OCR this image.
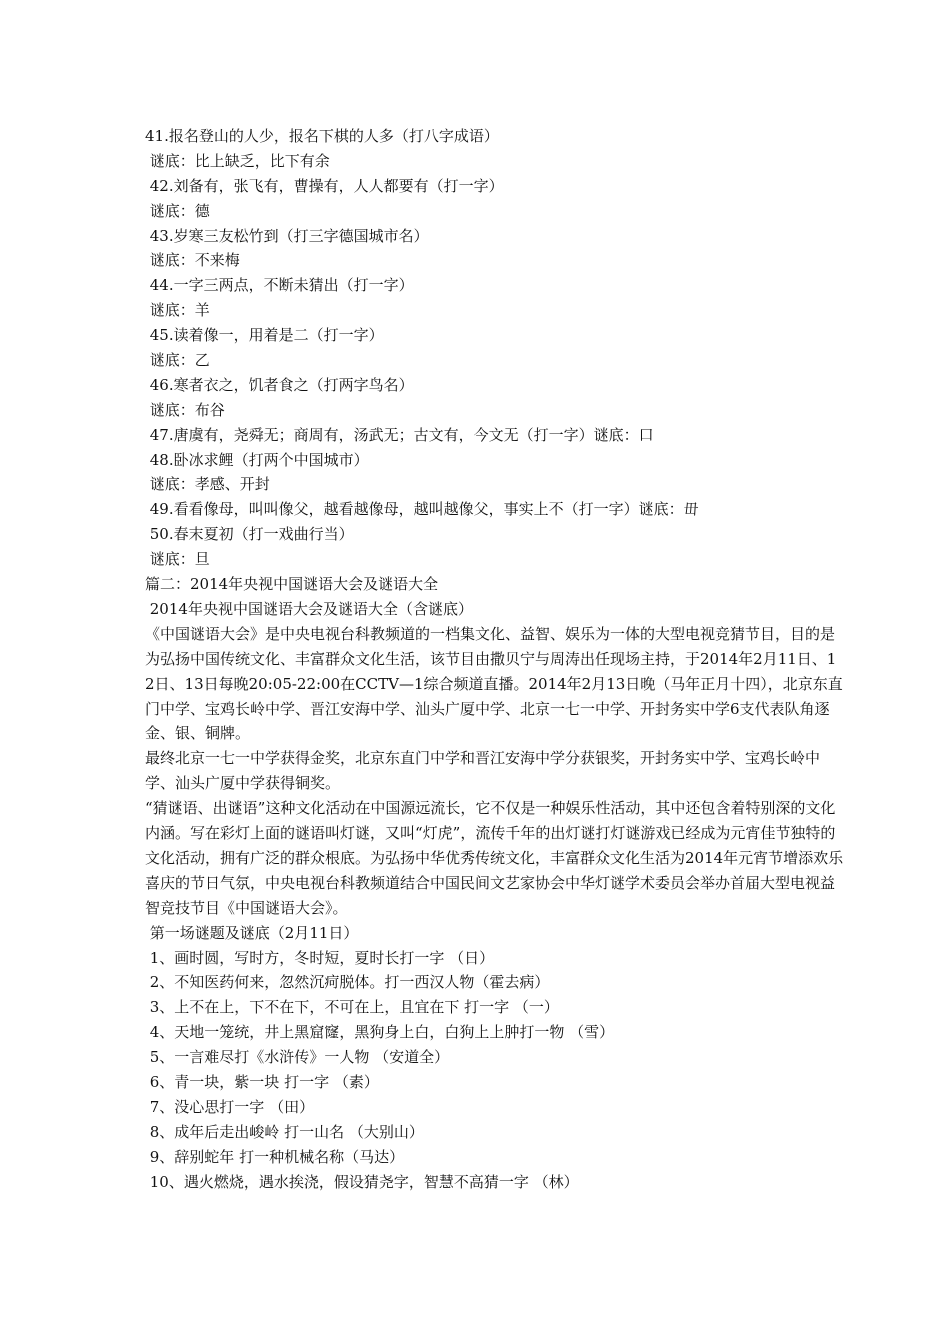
41.报名登山的人少，报名下棋的人多（打八字成语）

谜底：比上缺乏，比下有余

42.刘备有，张飞有，曹操有，人人都要有（打一字）

谜底：德

43.岁寒三友松竹到（打三字德国城市名）

谜底：不来梅

44.一字三两点，不断未猜出（打一字）

谜底：羊

45.读着像一，用着是二（打一字）

谜底：乙

46.寒者衣之，饥者食之（打两字鸟名）

谜底：布谷

47.唐虞有，尧舜无；商周有，汤武无；古文有，今文无（打一字）谜底：口

48.卧冰求鲤（打两个中国城市）

谜底：孝感、开封

49.看看像母，叫叫像父，越看越像母，越叫越像父，事实上不（打一字）谜底：毌

50.春末夏初（打一戏曲行当）

谜底：旦

篇二：2014年央视中国谜语大会及谜语大全

2014年央视中国谜语大会及谜语大全（含谜底）

《中国谜语大会》是中央电视台科教频道的一档集文化、益智、娱乐为一体的大型电视竞猜节目，目的是为弘扬中国传统文化、丰富群众文化生活，该节目由撒贝宁与周涛出任现场主持，于2014年2月11日、12日、13日每晚20:05-22:00在CCTV—1综合频道直播。2014年2月13日晚（马年正月十四），北京东直门中学、宝鸡长岭中学、晋江安海中学、汕头广厦中学、北京一七一中学、开封务实中学6支代表队角逐金、银、铜牌。

最终北京一七一中学获得金奖，北京东直门中学和晋江安海中学分获银奖，开封务实中学、宝鸡长岭中学、汕头广厦中学获得铜奖。

“猜谜语、出谜语”这种文化活动在中国源远流长，它不仅是一种娱乐性活动，其中还包含着特别深的文化内涵。写在彩灯上面的谜语叫灯谜，又叫“灯虎”，流传千年的出灯谜打灯谜游戏已经成为元宵佳节独特的文化活动，拥有广泛的群众根底。为弘扬中华优秀传统文化，丰富群众文化生活为2014年元宵节增添欢乐喜庆的节日气氛，中央电视台科教频道结合中国民间文艺家协会中华灯谜学术委员会举办首届大型电视益智竞技节目《中国谜语大会》。

第一场谜题及谜底（2月11日）

1、画时圆，写时方，冬时短，夏时长打一字 （日）

2、不知医药何来，忽然沉疴脱体。打一西汉人物（霍去病）

3、上不在上，下不在下，不可在上，且宜在下 打一字 （一）

4、天地一笼统，井上黑窟窿，黑狗身上白，白狗上上肿打一物 （雪）

5、一言难尽打《水浒传》一人物 （安道全）

6、青一块，紫一块 打一字 （素）

7、没心思打一字 （田）

8、成年后走出峻岭 打一山名 （大别山）

9、辞别蛇年 打一种机械名称（马达）

10、遇火燃烧，遇水挨浇，假设猜尧字，智慧不高猜一字 （林）
